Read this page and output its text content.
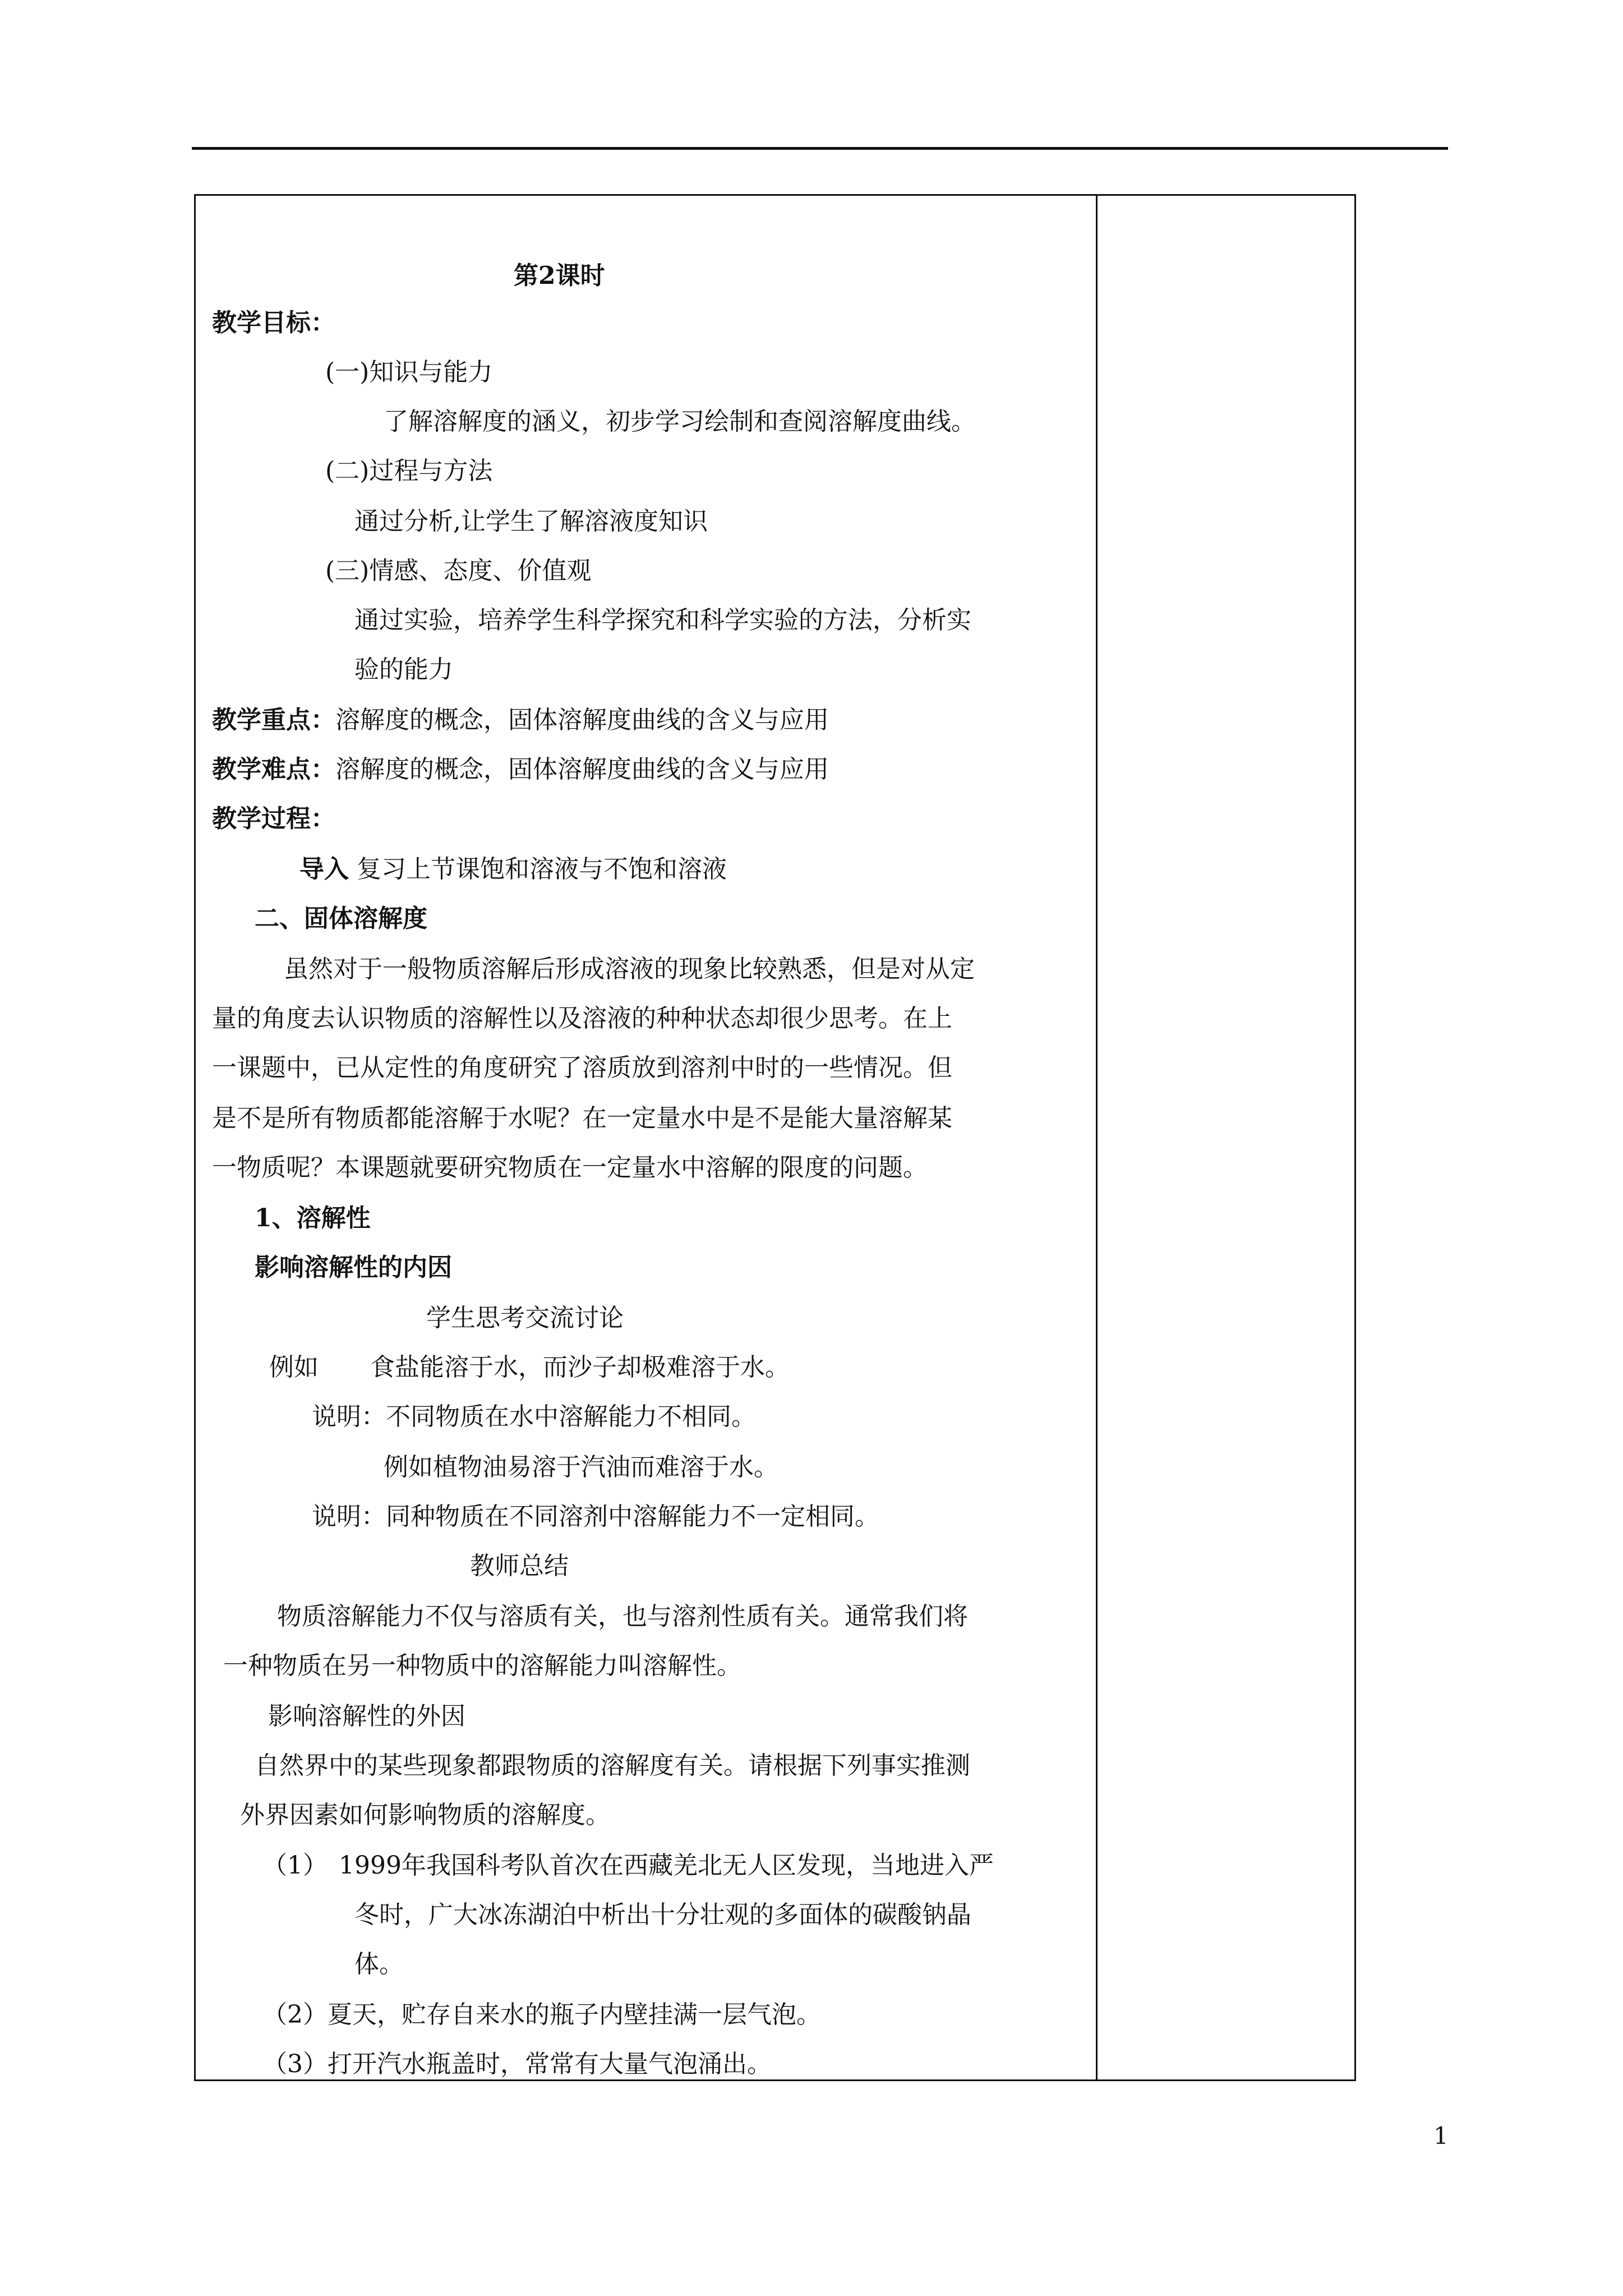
第2课时
教学目标：
(一)知识与能力
了解溶解度的涵义，初步学习绘制和查阅溶解度曲线。
(二)过程与方法
通过分析,让学生了解溶液度知识
(三)情感、态度、价值观
通过实验，培养学生科学探究和科学实验的方法，分析实
验的能力
教学重点：溶解度的概念，固体溶解度曲线的含义与应用
教学难点：溶解度的概念，固体溶解度曲线的含义与应用
教学过程：
导入 复习上节课饱和溶液与不饱和溶液
二、固体溶解度
虽然对于一般物质溶解后形成溶液的现象比较熟悉，但是对从定
量的角度去认识物质的溶解性以及溶液的种种状态却很少思考。在上
一课题中，已从定性的角度研究了溶质放到溶剂中时的一些情况。但
是不是所有物质都能溶解于水呢？在一定量水中是不是能大量溶解某
一物质呢？本课题就要研究物质在一定量水中溶解的限度的问题。
1、溶解性
影响溶解性的内因
学生思考交流讨论
例如 食盐能溶于水，而沙子却极难溶于水。
说明：不同物质在水中溶解能力不相同。
例如植物油易溶于汽油而难溶于水。
说明：同种物质在不同溶剂中溶解能力不一定相同。
教师总结
物质溶解能力不仅与溶质有关，也与溶剂性质有关。通常我们将
一种物质在另一种物质中的溶解能力叫溶解性。
影响溶解性的外因
自然界中的某些现象都跟物质的溶解度有关。请根据下列事实推测
外界因素如何影响物质的溶解度。
（1） 1999年我国科考队首次在西藏羌北无人区发现，当地进入严
冬时，广大冰冻湖泊中析出十分壮观的多面体的碳酸钠晶
体。
（2）夏天，贮存自来水的瓶子内壁挂满一层气泡。
（3）打开汽水瓶盖时，常常有大量气泡涌出。
1
